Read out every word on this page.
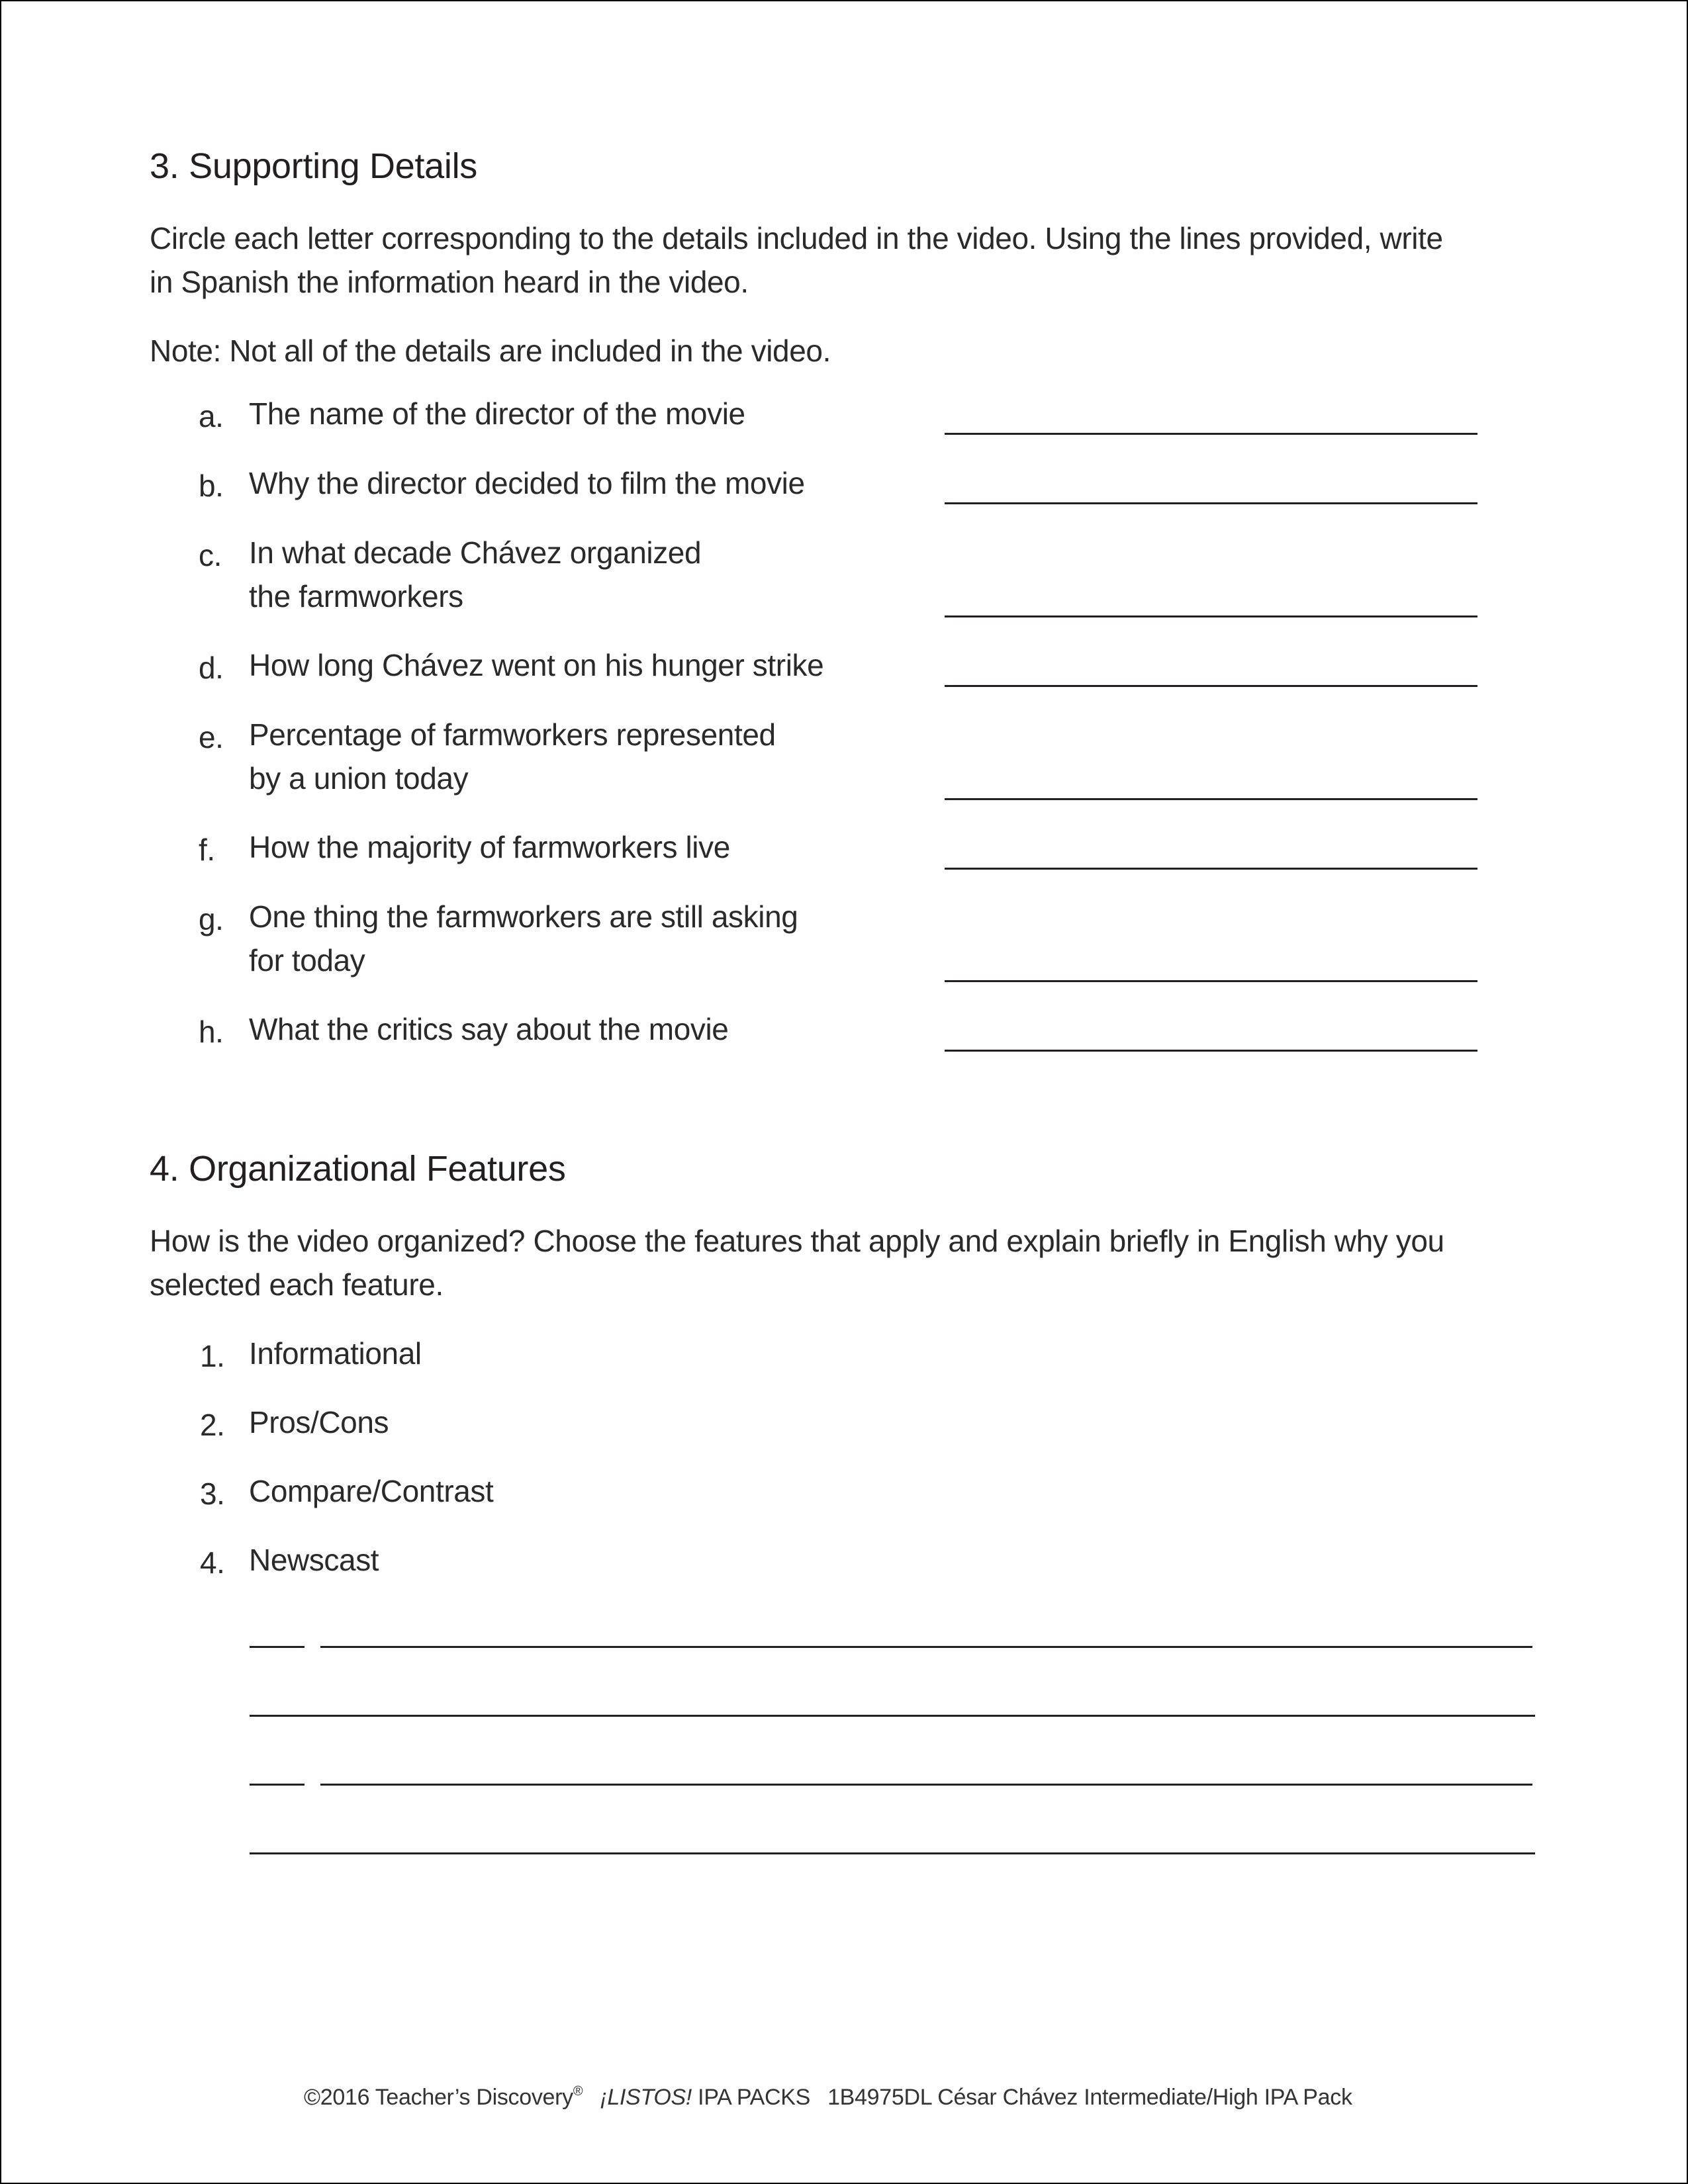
3. Supporting Details
Circle each letter corresponding to the details included in the video. Using the lines provided, write
in Spanish the information heard in the video.
Note: Not all of the details are included in the video.
a. The name of the director of the movie
b. Why the director decided to film the movie
c. In what decade Chávez organized
the farmworkers
d. How long Chávez went on his hunger strike
e. Percentage of farmworkers represented
by a union today
f. How the majority of farmworkers live
g. One thing the farmworkers are still asking
for today
h. What the critics say about the movie
4. Organizational Features
How is the video organized? Choose the features that apply and explain briefly in English why you
selected each feature.
1. Informational
2. Pros/Cons
3. Compare/Contrast
4. Newscast
©2016 Teacher’s Discovery® ¡LISTOS! IPA PACKS 1B4975DL César Chávez Intermediate/High IPA Pack
